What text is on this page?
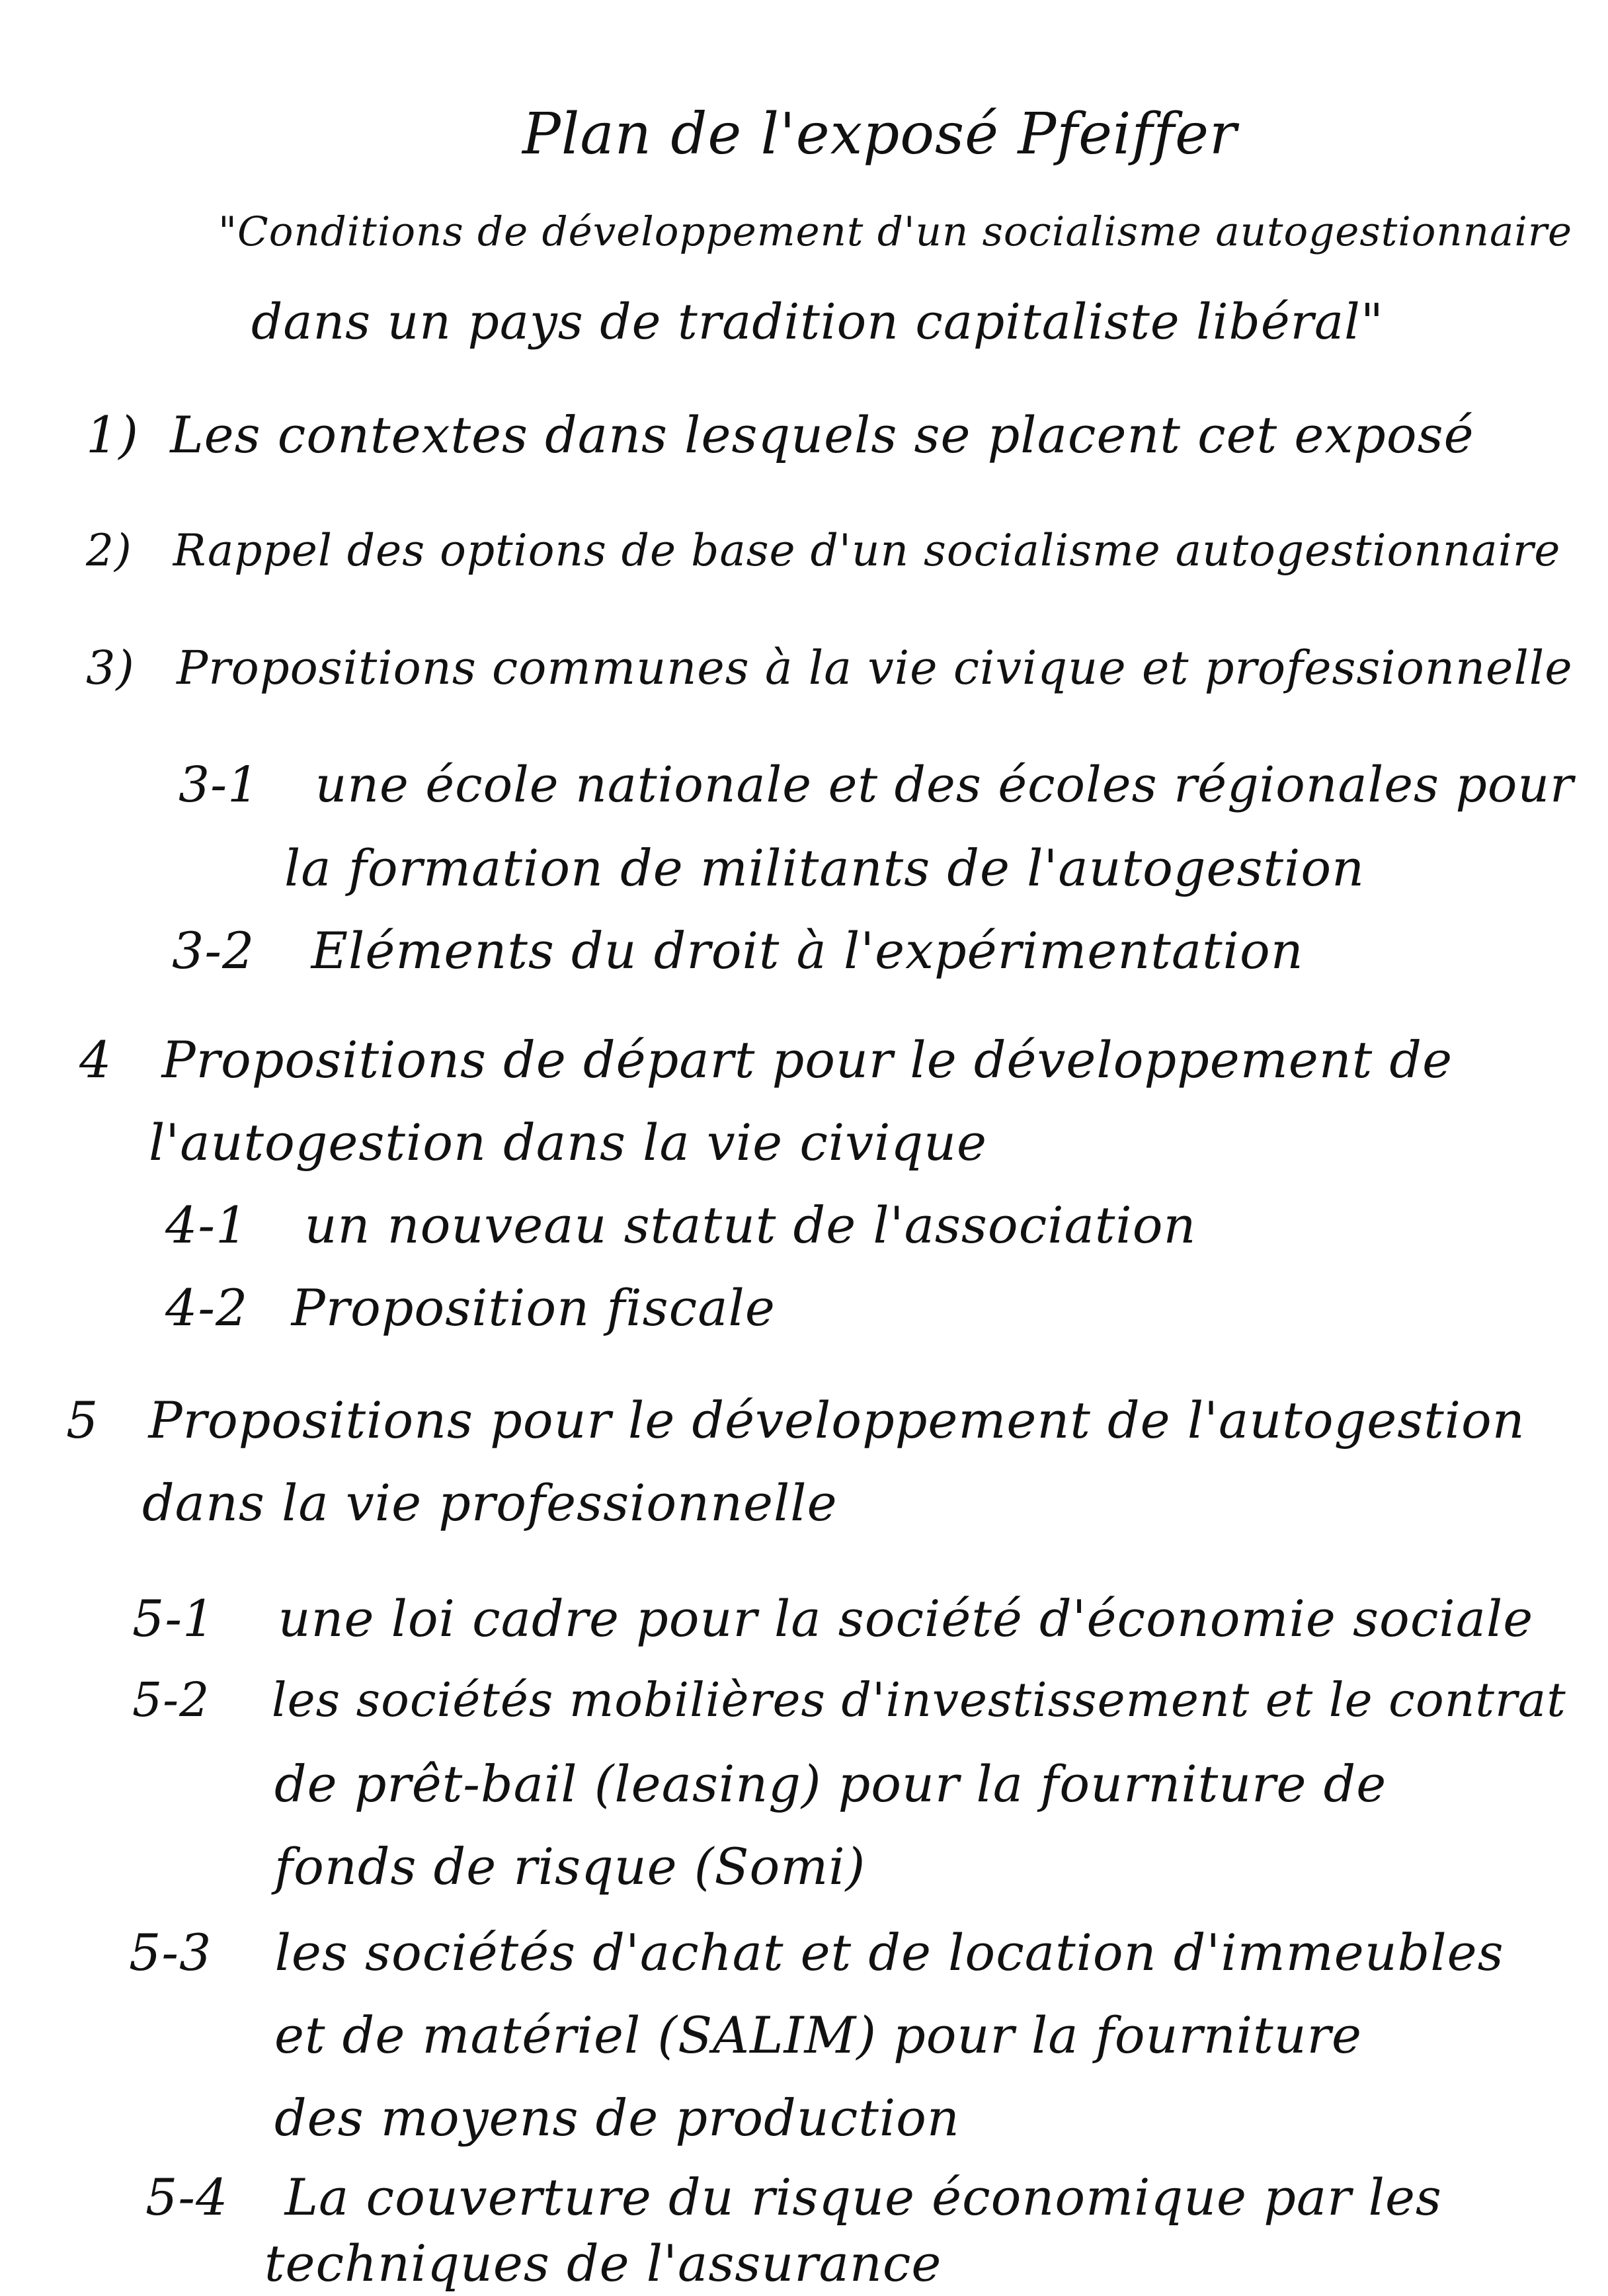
Plan de l'exposé Pfeiffer
"Conditions de développement d'un socialisme autogestionnaire
dans un pays de tradition capitaliste libéral"
1) Les contextes dans lesquels se placent cet exposé
2) Rappel des options de base d'un socialisme autogestionnaire
3) Propositions communes à la vie civique et professionnelle
3-1 une école nationale et des écoles régionales pour
la formation de militants de l'autogestion
3-2 Eléments du droit à l'expérimentation
4 Propositions de départ pour le développement de
l'autogestion dans la vie civique
4-1 un nouveau statut de l'association
4-2 Proposition fiscale
5 Propositions pour le développement de l'autogestion
dans la vie professionnelle
5-1 une loi cadre pour la société d'économie sociale
5-2 les sociétés mobilières d'investissement et le contrat
de prêt-bail (leasing) pour la fourniture de
fonds de risque (Somi)
5-3 les sociétés d'achat et de location d'immeubles
et de matériel (SALIM) pour la fourniture
des moyens de production
5-4 La couverture du risque économique par les
techniques de l'assurance
